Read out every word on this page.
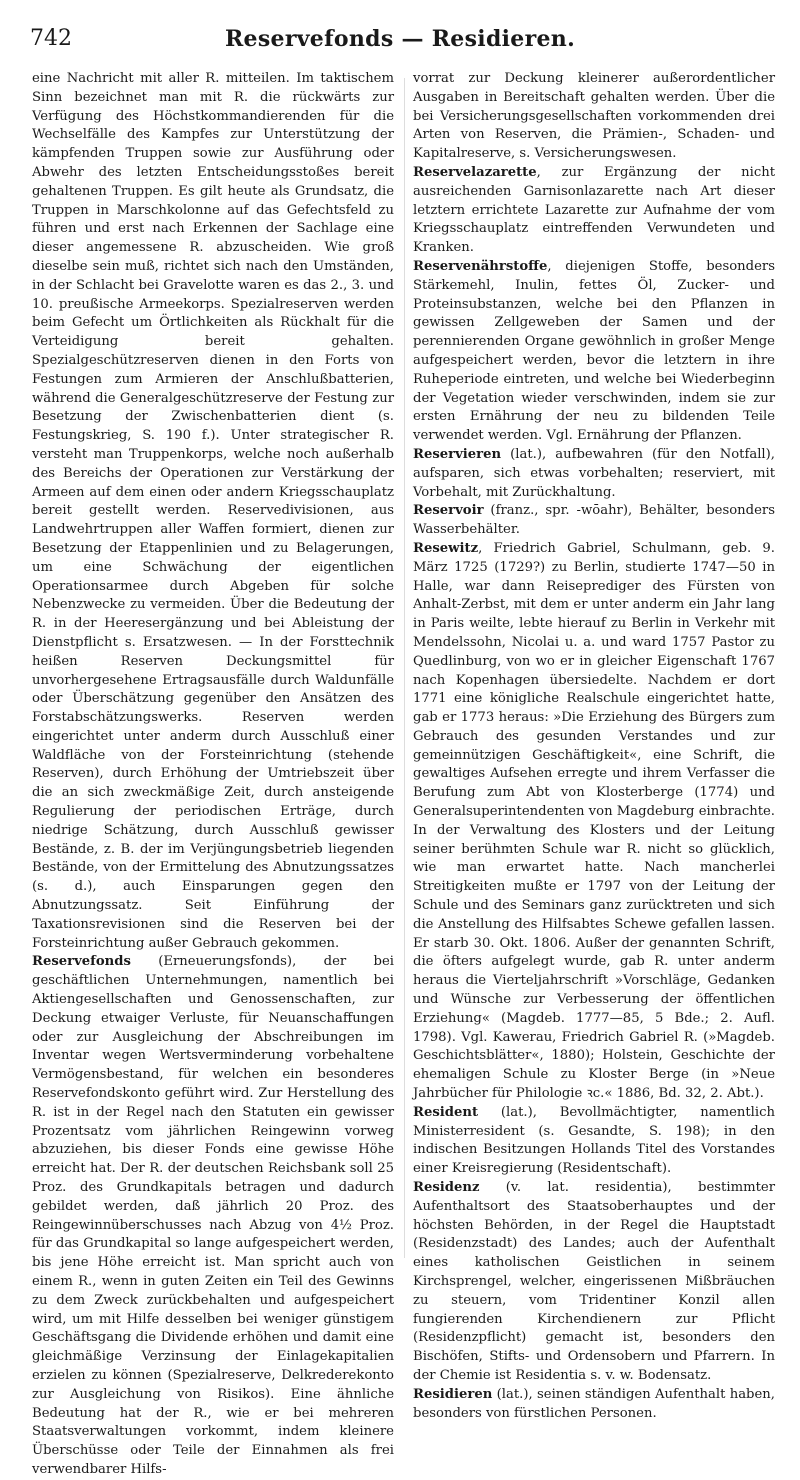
742	Reservefonds — Residieren.

eine Nachricht mit aller R. mitteilen. Im taktischem Sinn bezeichnet man mit R. die rückwärts zur Verfügung des Höchstkommandierenden für die Wechselfälle des Kampfes zur Unterstützung der kämpfenden Truppen sowie zur Ausführung oder Abwehr des letzten Entscheidungsstoßes bereit gehaltenen Truppen. Es gilt heute als Grundsatz, die Truppen in Marschkolonne auf das Gefechtsfeld zu führen und erst nach Erkennen der Sachlage eine dieser angemessene R. abzuscheiden. Wie groß dieselbe sein muß, richtet sich nach den Umständen, in der Schlacht bei Gravelotte waren es das 2., 3. und 10. preußische Armeekorps. Spezialreserven werden beim Gefecht um Örtlichkeiten als Rückhalt für die Verteidigung bereit gehalten. Spezialgeschützreserven dienen in den Forts von Festungen zum Armieren der Anschlußbatterien, während die Generalgeschützreserve der Festung zur Besetzung der Zwischenbatterien dient (s. Festungskrieg, S. 190 f.). Unter strategischer R. versteht man Truppenkorps, welche noch außerhalb des Bereichs der Operationen zur Verstärkung der Armeen auf dem einen oder andern Kriegsschauplatz bereit gestellt werden. Reservedivisionen, aus Landwehrtruppen aller Waffen formiert, dienen zur Besetzung der Etappenlinien und zu Belagerungen, um eine Schwächung der eigentlichen Operationsarmee durch Abgeben für solche Nebenzwecke zu vermeiden. Über die Bedeutung der R. in der Heeresergänzung und bei Ableistung der Dienstpflicht s. Ersatzwesen. — In der Forsttechnik heißen Reserven Deckungsmittel für unvorhergesehene Ertragsausfälle durch Waldunfälle oder Überschätzung gegenüber den Ansätzen des Forstabschätzungswerks. Reserven werden eingerichtet unter anderm durch Ausschluß einer Waldfläche von der Forsteinrichtung (stehende Reserven), durch Erhöhung der Umtriebszeit über die an sich zweckmäßige Zeit, durch ansteigende Regulierung der periodischen Erträge, durch niedrige Schätzung, durch Ausschluß gewisser Bestände, z. B. der im Verjüngungsbetrieb liegenden Bestände, von der Ermittelung des Abnutzungssatzes (s. d.), auch Einsparungen gegen den Abnutzungssatz. Seit Einführung der Taxationsrevisionen sind die Reserven bei der Forsteinrichtung außer Gebrauch gekommen.

Reservefonds (Erneuerungsfonds), der bei geschäftlichen Unternehmungen, namentlich bei Aktiengesellschaften und Genossenschaften, zur Deckung etwaiger Verluste, für Neuanschaffungen oder zur Ausgleichung der Abschreibungen im Inventar wegen Wertsverminderung vorbehaltene Vermögensbestand, für welchen ein besonderes Reservefondskonto geführt wird. Zur Herstellung des R. ist in der Regel nach den Statuten ein gewisser Prozentsatz vom jährlichen Reingewinn vorweg abzuziehen, bis dieser Fonds eine gewisse Höhe erreicht hat. Der R. der deutschen Reichsbank soll 25 Proz. des Grundkapitals betragen und dadurch gebildet werden, daß jährlich 20 Proz. des Reingewinnüberschusses nach Abzug von 4½ Proz. für das Grundkapital so lange aufgespeichert werden, bis jene Höhe erreicht ist. Man spricht auch von einem R., wenn in guten Zeiten ein Teil des Gewinns zu dem Zweck zurückbehalten und aufgespeichert wird, um mit Hilfe desselben bei weniger günstigem Geschäftsgang die Dividende erhöhen und damit eine gleichmäßige Verzinsung der Einlagekapitalien erzielen zu können (Spezialreserve, Delkrederekonto zur Ausgleichung von Risikos). Eine ähnliche Bedeutung hat der R., wie er bei mehreren Staatsverwaltungen vorkommt, indem kleinere Überschüsse oder Teile der Einnahmen als frei verwendbarer Hilfs-

vorrat zur Deckung kleinerer außerordentlicher Ausgaben in Bereitschaft gehalten werden. Über die bei Versicherungsgesellschaften vorkommenden drei Arten von Reserven, die Prämien-, Schaden- und Kapitalreserve, s. Versicherungswesen.

Reservelazarette, zur Ergänzung der nicht ausreichenden Garnisonlazarette nach Art dieser letztern errichtete Lazarette zur Aufnahme der vom Kriegsschauplatz eintreffenden Verwundeten und Kranken.

Reservenährstoffe, diejenigen Stoffe, besonders Stärkemehl, Inulin, fettes Öl, Zucker- und Proteinsubstanzen, welche bei den Pflanzen in gewissen Zellgeweben der Samen und der perennierenden Organe gewöhnlich in großer Menge aufgespeichert werden, bevor die letztern in ihre Ruheperiode eintreten, und welche bei Wiederbeginn der Vegetation wieder verschwinden, indem sie zur ersten Ernährung der neu zu bildenden Teile verwendet werden. Vgl. Ernährung der Pflanzen.

Reservieren (lat.), aufbewahren (für den Notfall), aufsparen, sich etwas vorbehalten; reserviert, mit Vorbehalt, mit Zurückhaltung.

Reservoir (franz., spr. -wōahr), Behälter, besonders Wasserbehälter.

Resewitz, Friedrich Gabriel, Schulmann, geb. 9. März 1725 (1729?) zu Berlin, studierte 1747—50 in Halle, war dann Reiseprediger des Fürsten von Anhalt-Zerbst, mit dem er unter anderm ein Jahr lang in Paris weilte, lebte hierauf zu Berlin in Verkehr mit Mendelssohn, Nicolai u. a. und ward 1757 Pastor zu Quedlinburg, von wo er in gleicher Eigenschaft 1767 nach Kopenhagen übersiedelte. Nachdem er dort 1771 eine königliche Realschule eingerichtet hatte, gab er 1773 heraus: »Die Erziehung des Bürgers zum Gebrauch des gesunden Verstandes und zur gemeinnützigen Geschäftigkeit«, eine Schrift, die gewaltiges Aufsehen erregte und ihrem Verfasser die Berufung zum Abt von Klosterberge (1774) und Generalsuperintendenten von Magdeburg einbrachte. In der Verwaltung des Klosters und der Leitung seiner berühmten Schule war R. nicht so glücklich, wie man erwartet hatte. Nach mancherlei Streitigkeiten mußte er 1797 von der Leitung der Schule und des Seminars ganz zurücktreten und sich die Anstellung des Hilfsabtes Schewe gefallen lassen. Er starb 30. Okt. 1806. Außer der genannten Schrift, die öfters aufgelegt wurde, gab R. unter anderm heraus die Vierteljahrschrift »Vorschläge, Gedanken und Wünsche zur Verbesserung der öffentlichen Erziehung« (Magdeb. 1777—85, 5 Bde.; 2. Aufl. 1798). Vgl. Kawerau, Friedrich Gabriel R. (»Magdeb. Geschichtsblätter«, 1880); Holstein, Geschichte der ehemaligen Schule zu Kloster Berge (in »Neue Jahrbücher für Philologie ꝛc.« 1886, Bd. 32, 2. Abt.).

Resident (lat.), Bevollmächtigter, namentlich Ministerresident (s. Gesandte, S. 198); in den indischen Besitzungen Hollands Titel des Vorstandes einer Kreisregierung (Residentschaft).

Residenz (v. lat. residentia), bestimmter Aufenthaltsort des Staatsoberhauptes und der höchsten Behörden, in der Regel die Hauptstadt (Residenzstadt) des Landes; auch der Aufenthalt eines katholischen Geistlichen in seinem Kirchsprengel, welcher, eingerissenen Mißbräuchen zu steuern, vom Tridentiner Konzil allen fungierenden Kirchendienern zur Pflicht (Residenzpflicht) gemacht ist, besonders den Bischöfen, Stifts- und Ordensobern und Pfarrern. In der Chemie ist Residentia s. v. w. Bodensatz.

Residieren (lat.), seinen ständigen Aufenthalt haben, besonders von fürstlichen Personen.
